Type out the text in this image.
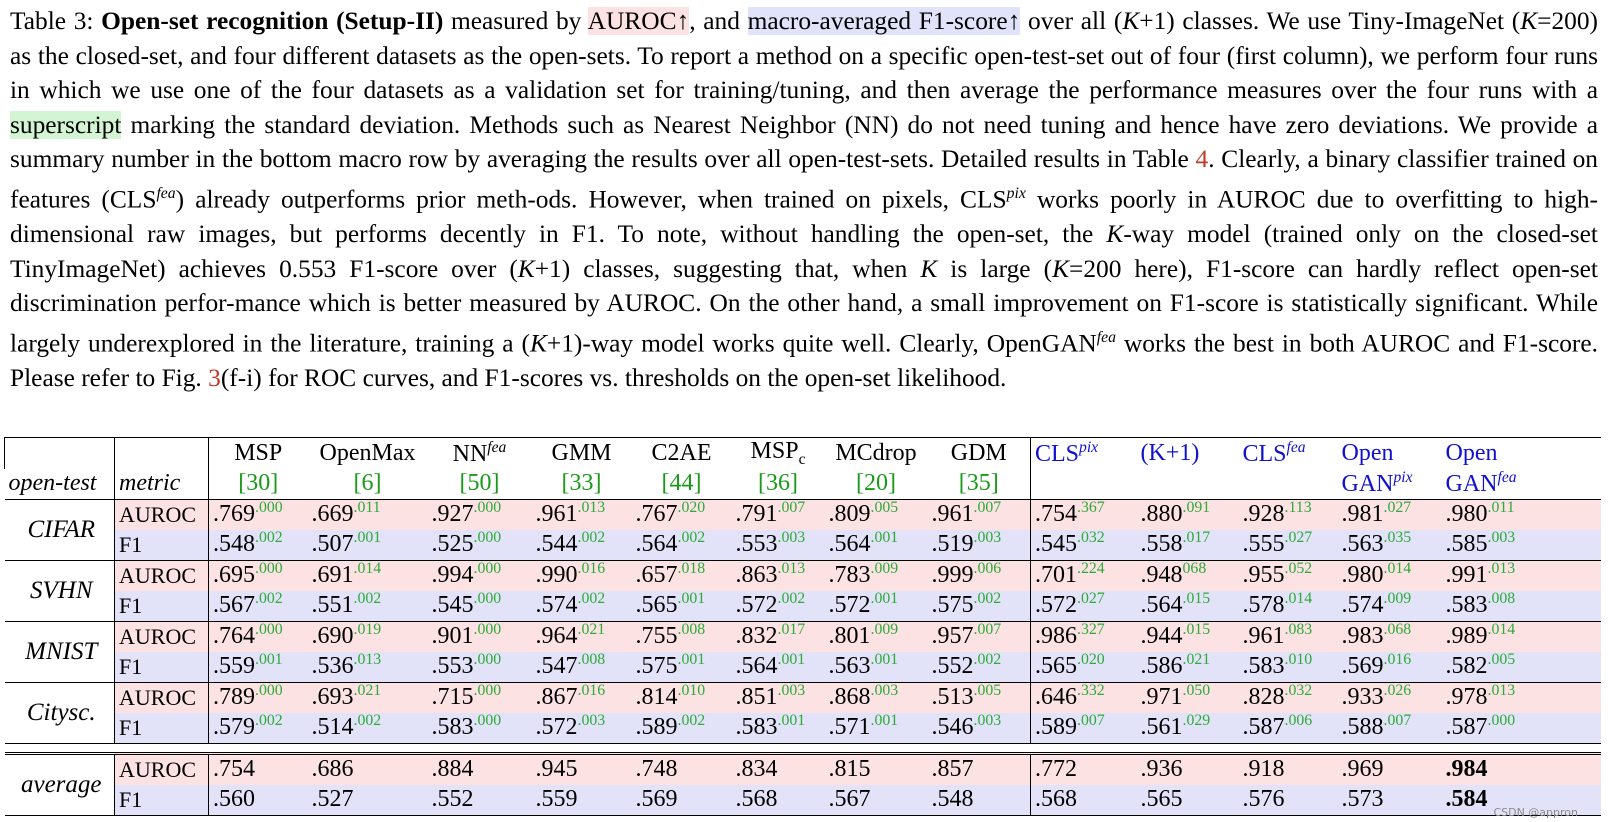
Table 3: Open-set recognition (Setup-II) measured by AUROC↑, and macro-averaged F1-score↑ over all (K+1) classes. We use Tiny-ImageNet (K=200) as the closed-set, and four different datasets as the open-sets. To report a method on a specific open-test-set out of four (first column), we perform four runs in which we use one of the four datasets as a validation set for training/tuning, and then average the performance measures over the four runs with a superscript marking the standard deviation. Methods such as Nearest Neighbor (NN) do not need tuning and hence have zero deviations. We provide a summary number in the bottom macro row by averaging the results over all open-test-sets. Detailed results in Table 4. Clearly, a binary classifier trained on features $(CLS^{fea})$ already outperforms prior meth-ods. However, when trained on pixels, $CLS^{pix}$ works poorly in AUROC due to overfitting to high-dimensional raw images, but performs decently in F1. To note, without handling the open-set, the K-way model (trained only on the closed-set TinyImageNet) achieves 0.553 F1-score over (K+1) classes, suggesting that, when K is large (K=200 here), F1-score can hardly reflect open-set discrimination perfor-mance which is better measured by AUROC. On the other hand, a small improvement on F1-score is statistically significant. While largely underexplored in the literature, training a (K+1)-way model works quite well. Clearly, OpenGAN$^{fea}$ works the best in both AUROC and F1-score. Please refer to Fig. 3(f-i) for ROC curves, and F1-scores vs. thresholds on the open-set likelihood.
		MSP	OpenMax	$NN^{fea}$	GMM	C2AE	$MSP_c$	MCdrop	GDM	$CLS^{pix}$	(K+1)	$CLS^{fea}$	Open	Open
open-test	metric	[30]	[6]	[50]	[33]	[44]	[36]	[20]	[35]				$GAN^{pix}$	$GAN^{fea}$
CIFAR	AUROC	$.769^{.000}$	$.669^{.011}$	$.927^{.000}$	$.961^{.013}$	$.767^{.020}$	$.791^{.007}$	$.809^{.005}$	$.961^{.007}$	$.754^{.367}$	$.880^{.091}$	$.928^{.113}$	$.981^{.027}$	$.980^{.011}$
	F1	$.548^{.002}$	$.507^{.001}$	$.525^{.000}$	$.544^{.002}$	$.564^{.002}$	$.553^{.003}$	$.564^{.001}$	$.519^{.003}$	$.545^{.032}$	$.558^{.017}$	$.555^{.027}$	$.563^{.035}$	$.585^{.003}$
SVHN	AUROC	$.695^{.000}$	$.691^{.014}$	$.994^{.000}$	$.990^{.016}$	$.657^{.018}$	$.863^{.013}$	$.783^{.009}$	$.999^{.006}$	$.701^{.224}$	.948$^{068}$	$.955^{.052}$	$.980^{.014}$	$.991^{.013}$
	F1	$.567^{.002}$	$.551^{.002}$	$.545^{.000}$	$.574^{.002}$	$.565^{.001}$	$.572^{.002}$	$.572^{.001}$	$.575^{.002}$	$.572^{.027}$	$.564^{.015}$	$.578^{.014}$	$.574^{.009}$	$.583^{.008}$
MNIST	AUROC	$.764^{.000}$	$.690^{.019}$	$.901^{.000}$	$.964^{.021}$	$.755^{.008}$	$.832^{.017}$	$.801^{.009}$	$.957^{.007}$	$.986^{.327}$	$.944^{.015}$	$.961^{.083}$	$.983^{.068}$	$.989^{.014}$
	F1	$.559^{.001}$	$.536^{.013}$	$.553^{.000}$	$.547^{.008}$	$.575^{.001}$	$.564^{.001}$	$.563^{.001}$	$.552^{.002}$	$.565^{.020}$	$.586^{.021}$	$.583^{.010}$	$.569^{.016}$	$.582^{.005}$
Citysc.	AUROC	$.789^{.000}$	$.693^{.021}$	$.715^{.000}$	$.867^{.016}$	$.814^{.010}$	$.851^{.003}$	$.868^{.003}$	$.513^{.005}$	$.646^{.332}$	$.971^{.050}$	$.828^{.032}$	$.933^{.026}$	$.978^{.013}$
	F1	$.579^{.002}$	$.514^{.002}$	$.583^{.000}$	$.572^{.003}$	$.589^{.002}$	$.583^{.001}$	$.571^{.001}$	$.546^{.003}$	$.589^{.007}$	$.561^{.029}$	$.587^{.006}$	$.588^{.007}$	$.587^{.000}$

average	AUROC	.754	.686	.884	.945	.748	.834	.815	.857	.772	.936	.918	.969	.984
	F1	.560	.527	.552	.559	.569	.568	.567	.548	.568	.565	.576	.573	.584
CSDN @appron
